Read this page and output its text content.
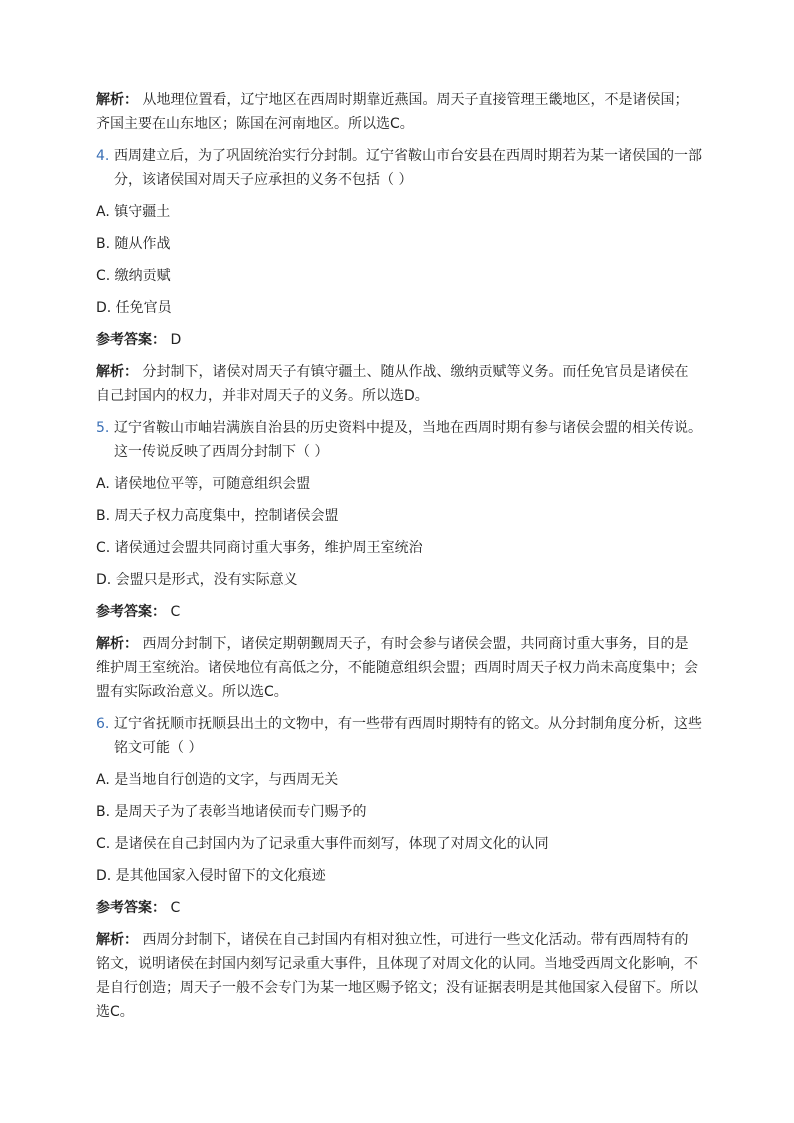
解析： 从地理位置看，辽宁地区在西周时期靠近燕国。周天子直接管理王畿地区，不是诸侯国；齐国主要在山东地区；陈国在河南地区。所以选C。

4. 西周建立后，为了巩固统治实行分封制。辽宁省鞍山市台安县在西周时期若为某一诸侯国的一部分，该诸侯国对周天子应承担的义务不包括（ ）

A. 镇守疆土

B. 随从作战

C. 缴纳贡赋

D. 任免官员

参考答案： D

解析： 分封制下，诸侯对周天子有镇守疆土、随从作战、缴纳贡赋等义务。而任免官员是诸侯在自己封国内的权力，并非对周天子的义务。所以选D。

5. 辽宁省鞍山市岫岩满族自治县的历史资料中提及，当地在西周时期有参与诸侯会盟的相关传说。这一传说反映了西周分封制下（ ）

A. 诸侯地位平等，可随意组织会盟

B. 周天子权力高度集中，控制诸侯会盟

C. 诸侯通过会盟共同商讨重大事务，维护周王室统治

D. 会盟只是形式，没有实际意义

参考答案： C

解析： 西周分封制下，诸侯定期朝觐周天子，有时会参与诸侯会盟，共同商讨重大事务，目的是维护周王室统治。诸侯地位有高低之分，不能随意组织会盟；西周时周天子权力尚未高度集中；会盟有实际政治意义。所以选C。

6. 辽宁省抚顺市抚顺县出土的文物中，有一些带有西周时期特有的铭文。从分封制角度分析，这些铭文可能（ ）

A. 是当地自行创造的文字，与西周无关

B. 是周天子为了表彰当地诸侯而专门赐予的

C. 是诸侯在自己封国内为了记录重大事件而刻写，体现了对周文化的认同

D. 是其他国家入侵时留下的文化痕迹

参考答案： C

解析： 西周分封制下，诸侯在自己封国内有相对独立性，可进行一些文化活动。带有西周特有的铭文，说明诸侯在封国内刻写记录重大事件，且体现了对周文化的认同。当地受西周文化影响，不是自行创造；周天子一般不会专门为某一地区赐予铭文；没有证据表明是其他国家入侵留下。所以选C。
